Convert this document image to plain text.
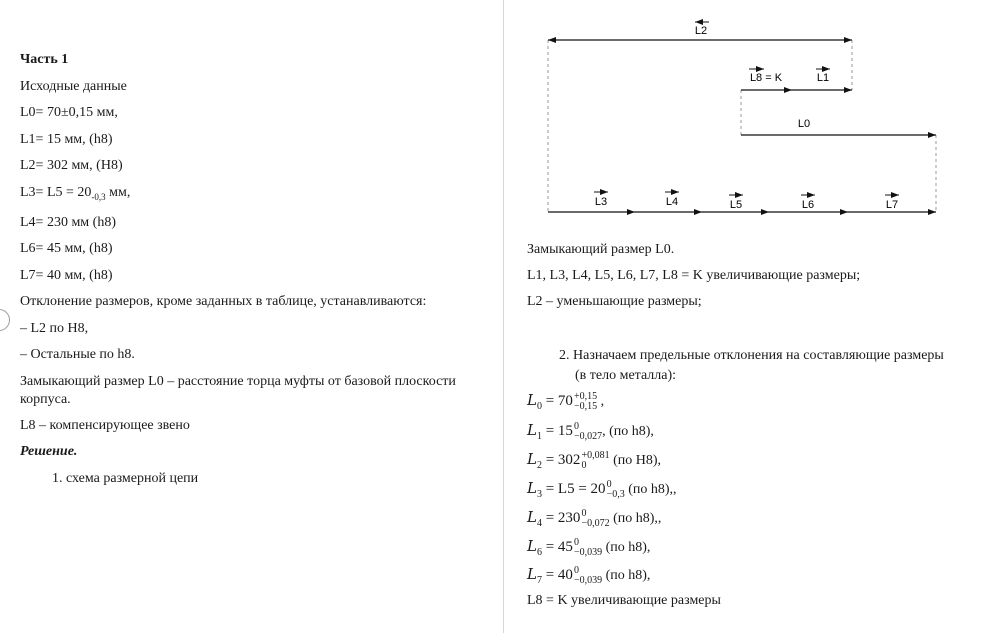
Часть 1
Исходные данные
L0= 70±0,15 мм,
L1= 15 мм, (h8)
L2= 302 мм, (H8)
$L3= L5 = 20_{-0,3}$ мм,
L4= 230 мм (h8)
L6= 45 мм, (h8)
L7= 40 мм, (h8)
Отклонение размеров, кроме заданных в таблице, устанавливаются:
– L2 по H8,
– Остальные по h8.
Замыкающий размер L0 – расстояние торца муфты от базовой плоскости корпуса.
L8 – компенсирующее звено
Решение.
1. схема размерной цепи
L2
L8 = K	L1
L0
L3	L4	L5	L6	L7
Замыкающий размер L0.
L1, L3, L4, L5, L6, L7, L8 = K увеличивающие размеры;
L2 – уменьшающие размеры;
2. Назначаем предельные отклонения на составляющие размеры
(в тело металла):
$L_0 = 70 +0,15$
−0,15 ,
$L_1 = 15$ 0
−0,027 , (по h8),
$L_2 = 302 +0,081$
0	(по H8),
$L_3 = L5 = 20$ 0
−0,3 (по h8),,
$L_4 = 230$ 0
−0,072 (по h8),,
$L_6 = 45$ 0
−0,039 (по h8),
$L_7 = 40$ 0
−0,039 (по h8),
L8 = K увеличивающие размеры
